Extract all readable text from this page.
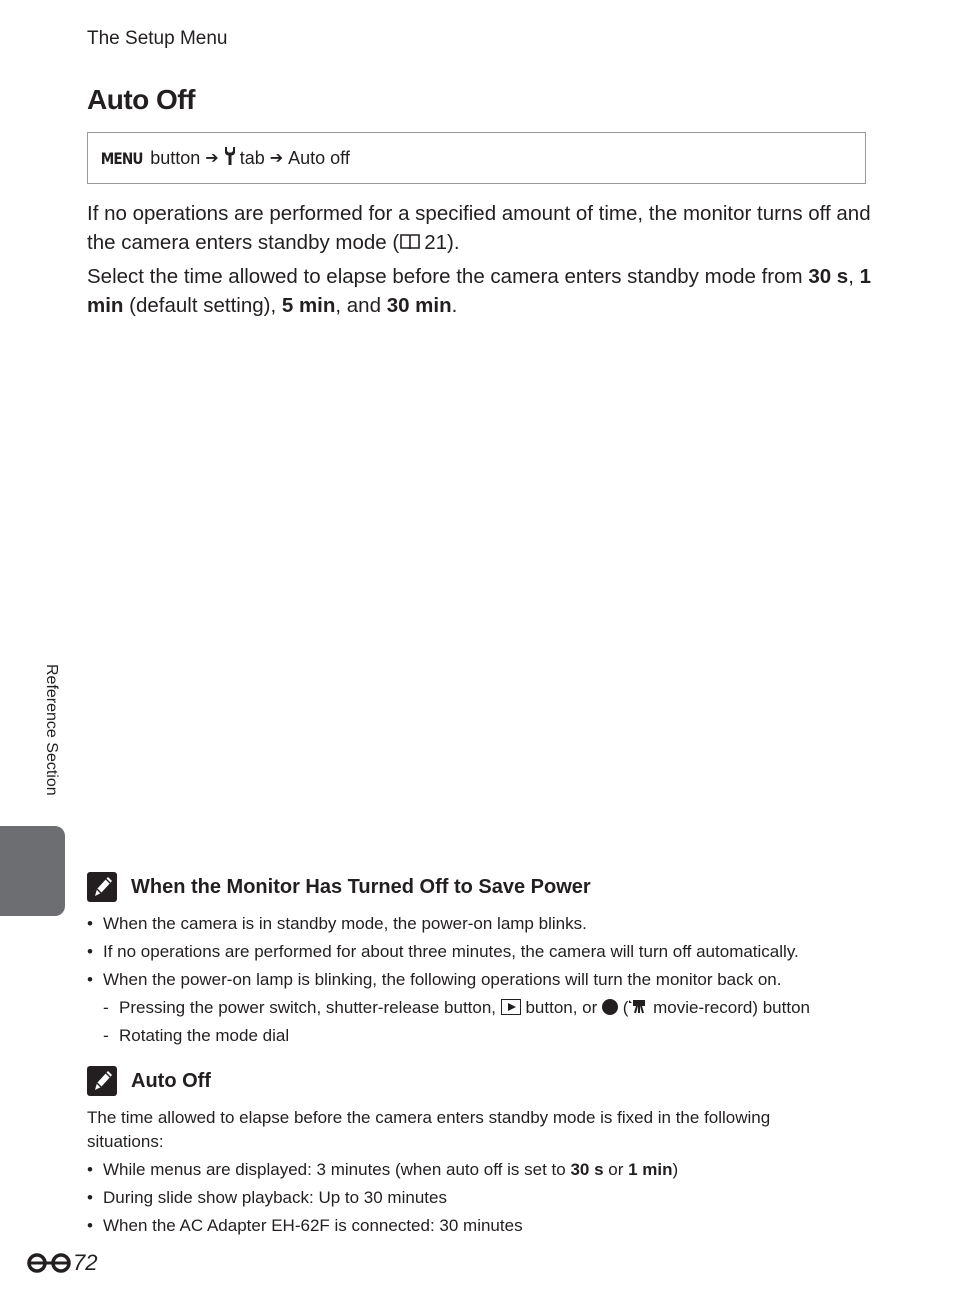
The Setup Menu
Auto Off
MENU button ➔ tab ➔ Auto off

If no operations are performed for a specified amount of time, the monitor turns off and the camera enters standby mode ( 21).

Select the time allowed to elapse before the camera enters standby mode from 30 s, 1 min (default setting), 5 min, and 30 min.

Reference Section
When the Monitor Has Turned Off to Save Power
• When the camera is in standby mode, the power-on lamp blinks.
• If no operations are performed for about three minutes, the camera will turn off automatically.
• When the power-on lamp is blinking, the following operations will turn the monitor back on.
- Pressing the power switch, shutter-release button,  button, or  ( movie-record) button
- Rotating the mode dial
Auto Off

The time allowed to elapse before the camera enters standby mode is fixed in the following situations:

• While menus are displayed: 3 minutes (when auto off is set to 30 s or 1 min)
• During slide show playback: Up to 30 minutes
• When the AC Adapter EH-62F is connected: 30 minutes
72
